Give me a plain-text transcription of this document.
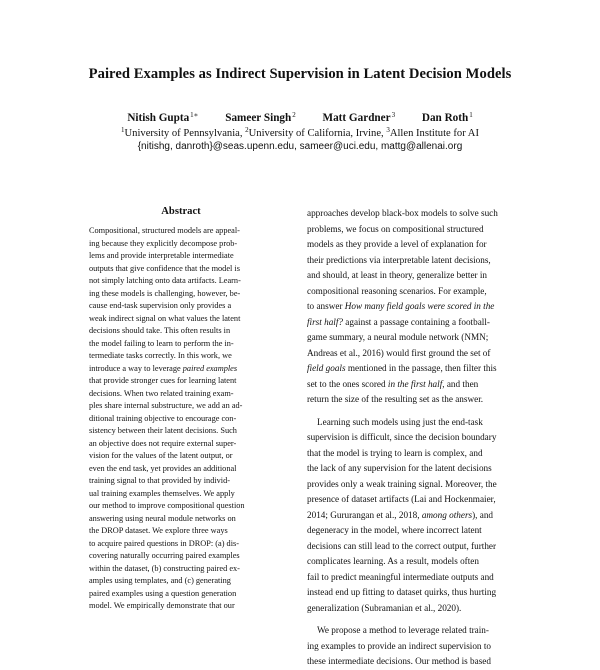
Paired Examples as Indirect Supervision in Latent Decision Models
Nitish Gupta$^{1∗}$ Sameer Singh$^2$ Matt Gardner$^3$ Dan Roth$^1$
$^1$University of Pennsylvania, $^2$University of California, Irvine, $^3$Allen Institute for AI
{nitishg, danroth}@seas.upenn.edu, sameer@uci.edu, mattg@allenai.org
Abstract
Compositional, structured models are appeal-
ing because they explicitly decompose prob-
lems and provide interpretable intermediate
outputs that give confidence that the model is
not simply latching onto data artifacts. Learn-
ing these models is challenging, however, be-
cause end-task supervision only provides a
weak indirect signal on what values the latent
decisions should take. This often results in
the model failing to learn to perform the in-
termediate tasks correctly. In this work, we
introduce a way to leverage paired examples
that provide stronger cues for learning latent
decisions. When two related training exam-
ples share internal substructure, we add an ad-
ditional training objective to encourage con-
sistency between their latent decisions. Such
an objective does not require external super-
vision for the values of the latent output, or
even the end task, yet provides an additional
training signal to that provided by individ-
ual training examples themselves. We apply
our method to improve compositional question
answering using neural module networks on
the DROP dataset. We explore three ways
to acquire paired questions in DROP: (a) dis-
covering naturally occurring paired examples
within the dataset, (b) constructing paired ex-
amples using templates, and (c) generating
paired examples using a question generation
model. We empirically demonstrate that our
approaches develop black-box models to solve such
problems, we focus on compositional structured
models as they provide a level of explanation for
their predictions via interpretable latent decisions,
and should, at least in theory, generalize better in
compositional reasoning scenarios. For example,
to answer How many field goals were scored in the
first half? against a passage containing a football-
game summary, a neural module network (NMN;
Andreas et al., 2016) would first ground the set of
field goals mentioned in the passage, then filter this
set to the ones scored in the first half, and then
return the size of the resulting set as the answer.
Learning such models using just the end-task
supervision is difficult, since the decision boundary
that the model is trying to learn is complex, and
the lack of any supervision for the latent decisions
provides only a weak training signal. Moreover, the
presence of dataset artifacts (Lai and Hockenmaier,
2014; Gururangan et al., 2018, among others), and
degeneracy in the model, where incorrect latent
decisions can still lead to the correct output, further
complicates learning. As a result, models often
fail to predict meaningful intermediate outputs and
instead end up fitting to dataset quirks, thus hurting
generalization (Subramanian et al., 2020).
We propose a method to leverage related train-
ing examples to provide an indirect supervision to
these intermediate decisions. Our method is based
